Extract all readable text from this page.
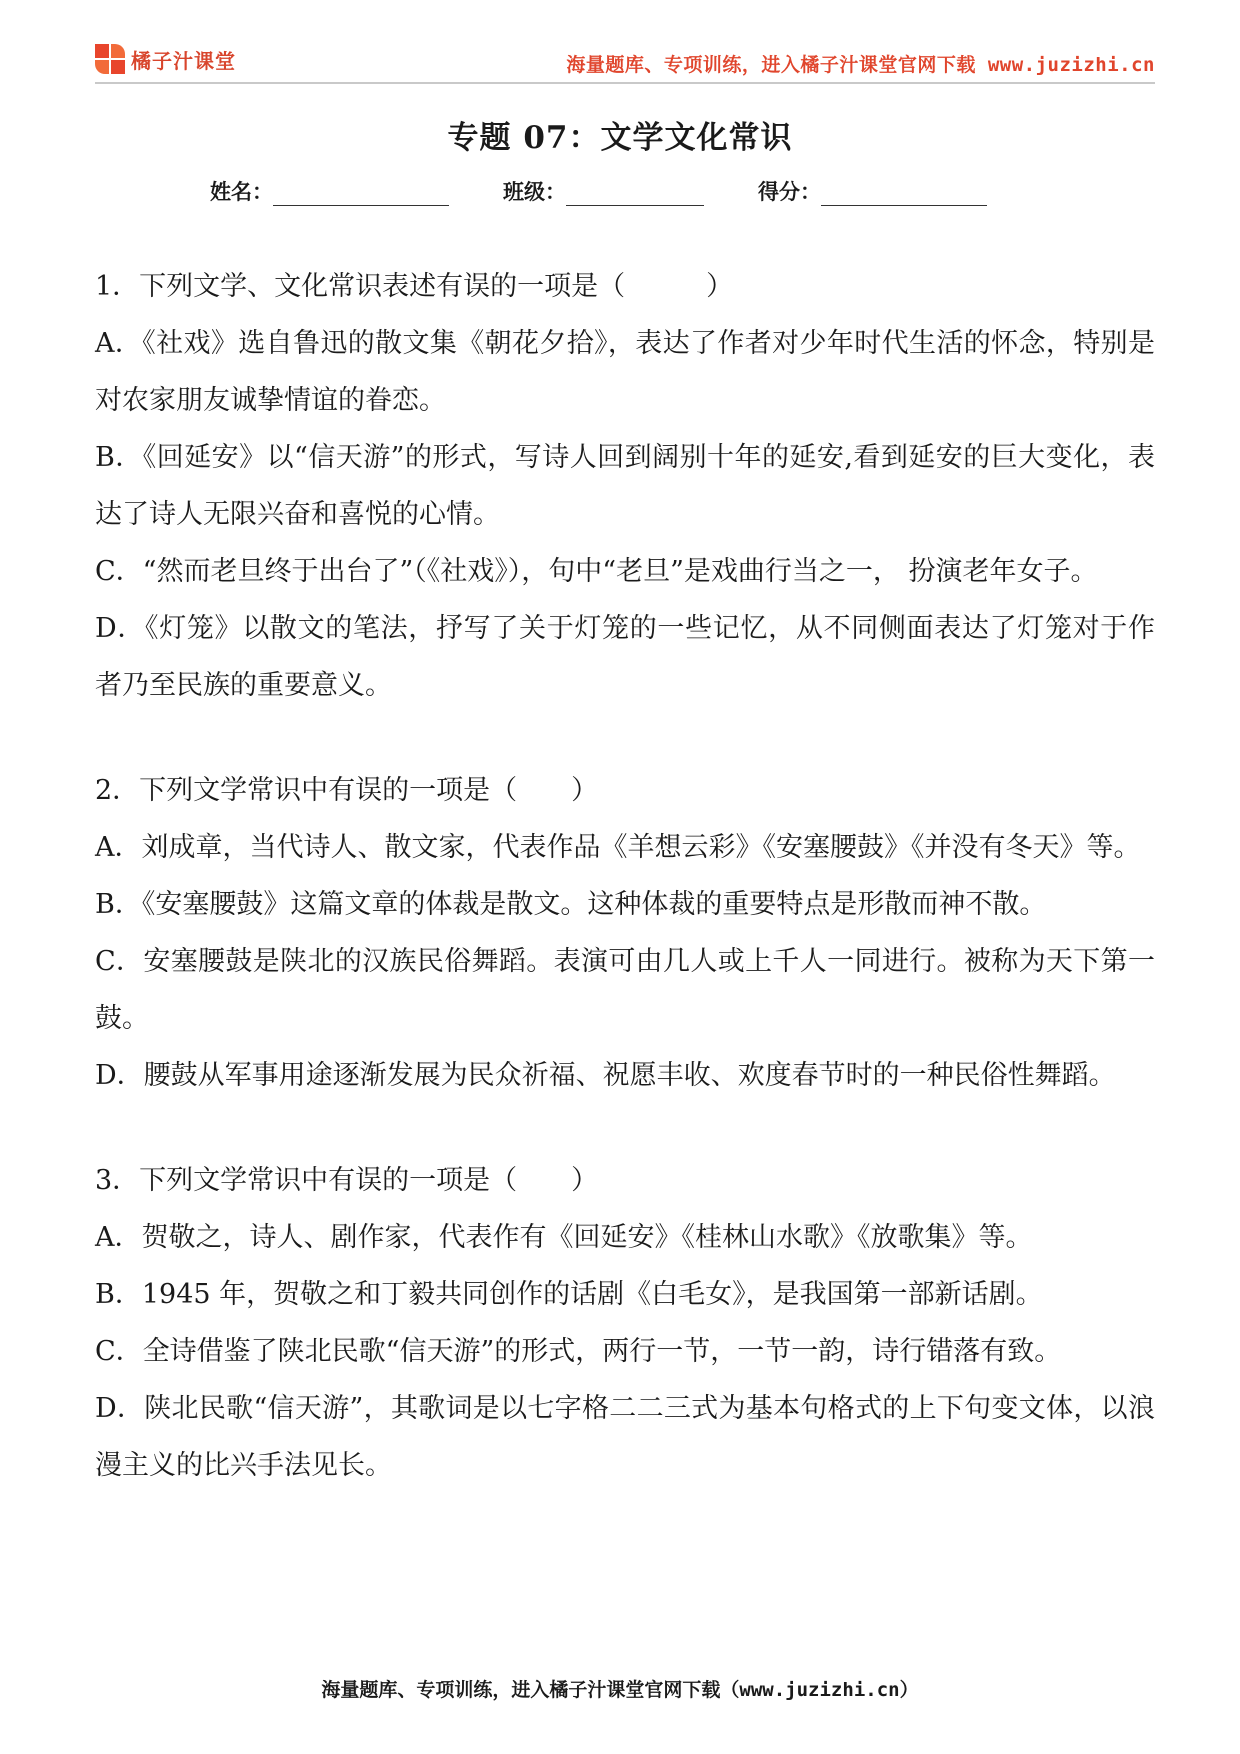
橘子汁课堂	海量题库、专项训练，进入橘子汁课堂官网下载 www.juzizhi.cn
专题 07：文学文化常识
姓名：	班级：	得分：

1．下列文学、文化常识表述有误的一项是（　　　）

A．《社戏》选自鲁迅的散文集《朝花夕拾》，表达了作者对少年时代生活的怀念，特别是对农家朋友诚挚情谊的眷恋。

B．《回延安》以“信天游”的形式，写诗人回到阔别十年的延安,看到延安的巨大变化，表达了诗人无限兴奋和喜悦的心情。

C．“然而老旦终于出台了”（《社戏》），句中“老旦”是戏曲行当之一， 扮演老年女子。

D．《灯笼》以散文的笔法，抒写了关于灯笼的一些记忆，从不同侧面表达了灯笼对于作者乃至民族的重要意义。

2．下列文学常识中有误的一项是（　　）

A．刘成章，当代诗人、散文家，代表作品《羊想云彩》《安塞腰鼓》《并没有冬天》等。

B．《安塞腰鼓》这篇文章的体裁是散文。这种体裁的重要特点是形散而神不散。

C．安塞腰鼓是陕北的汉族民俗舞蹈。表演可由几人或上千人一同进行。被称为天下第一鼓。

D．腰鼓从军事用途逐渐发展为民众祈福、祝愿丰收、欢度春节时的一种民俗性舞蹈。

3．下列文学常识中有误的一项是（　　）

A．贺敬之，诗人、剧作家，代表作有《回延安》《桂林山水歌》《放歌集》等。

B．1945 年，贺敬之和丁毅共同创作的话剧《白毛女》，是我国第一部新话剧。

C．全诗借鉴了陕北民歌“信天游”的形式，两行一节，一节一韵，诗行错落有致。

D．陕北民歌“信天游”，其歌词是以七字格二二三式为基本句格式的上下句变文体，以浪漫主义的比兴手法见长。

海量题库、专项训练，进入橘子汁课堂官网下载（www.juzizhi.cn）
